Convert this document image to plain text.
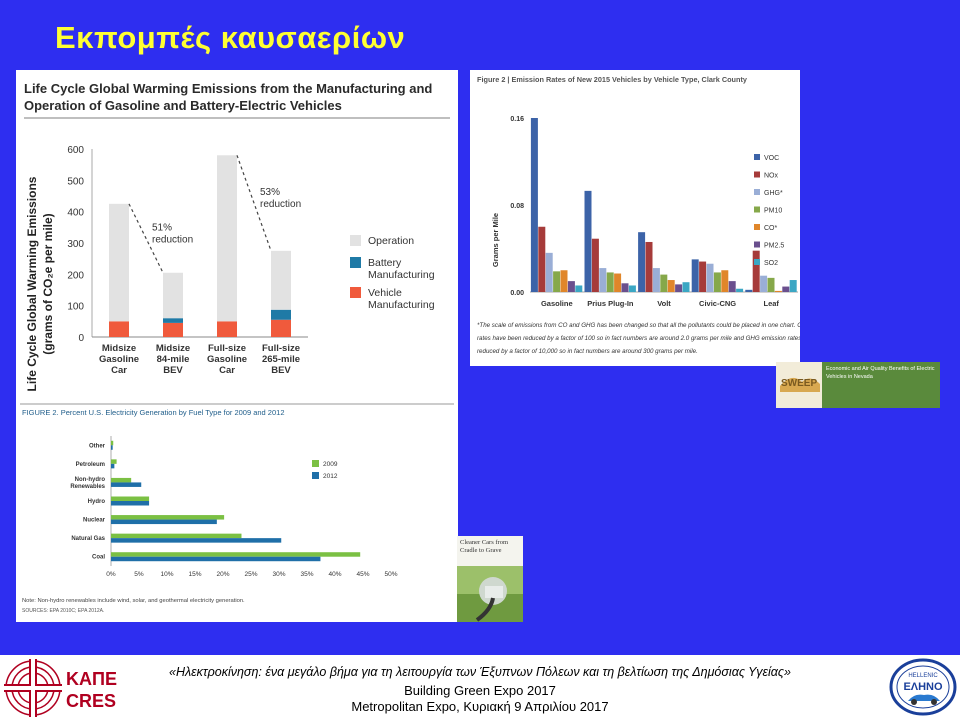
Εκπομπές καυσαερίων
Life Cycle Global Warming Emissions from the Manufacturing and
Operation of Gasoline and Battery-Electric Vehicles
Life Cycle Global Warming Emissions (grams of CO₂e per mile) 0
100
200
300
400
500
600
Midsize
Gasoline
Car
Midsize
84-mile
BEV
Full-size
Gasoline
Car
Full-size
265-mile
BEV
51%
reduction
53%
reduction
Operation
Battery
Manufacturing
Vehicle
Manufacturing
FIGURE 2. Percent U.S. Electricity Generation by Fuel Type for 2009 and 2012
0%	5%	10% 15% 20% 25% 30% 35% 40% 45% 50%
Other
Petroleum
Non-hydro
Renewables
Hydro
Nuclear
Natural Gas
Coal
2009
2012
Note: Non-hydro renewables include wind, solar, and geothermal electricity generation.
SOURCES: EPA 2010C; EPA 2012A.
Figure 2 | Emission Rates of New 2015 Vehicles by Vehicle Type, Clark County
Grams per Mile
0.00
0.08
0.16
Gasoline Prius Plug-In	Volt	Civic-CNG	Leaf
VOC
NOx
GHG*
PM10
CO*
PM2.5
SO2
*The scale of emissions from CO and GHG has been changed so that all the pollutants could be placed in one chart. CO emission
rates have been reduced by a factor of 100 so in fact numbers are around 2.0 grams per mile and GHG emission rates have been
reduced by a factor of 10,000 so in fact numbers are around 300 grams per mile.
SWEEP
Economic and Air Quality Benefits of Electric Vehicles in Nevada
Cleaner Cars from Cradle to Grave
ΚΑΠΕ
CRES
«Ηλεκτροκίνηση: ένα μεγάλο βήμα για τη λειτουργία των Έξυπνων Πόλεων και τη βελτίωση της Δημόσιας Υγείας»
Building Green Expo 2017
Metropolitan Expo, Κυριακή 9 Απριλίου 2017
HELLENIC
ΕΛΗΝΟ
